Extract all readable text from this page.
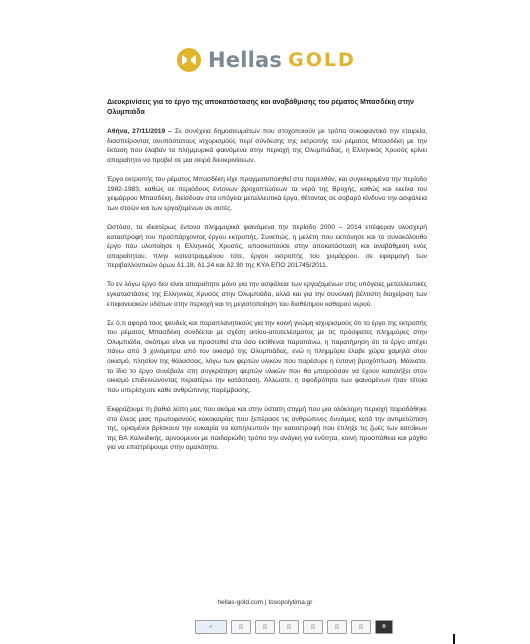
Hellas GOLD

Διευκρινίσεις για το έργο της αποκατάστασης και αναβάθμισης του ρέματος Μπασδέκη στην Ολυμπιάδα

Αθήνα, 27/11/2019 – Σε συνέχεια δημοσιευμάτων που στοχοποιούν με τρόπο συκοφαντικό την εταιρεία, διασπείροντας ανυπόστατους ισχυρισμούς περί σύνδεσης της εκτροπής του ρέματος Μπασδέκη με την έκταση που έλαβαν τα πλημμυρικά φαινόμενα στην περιοχή της Ολυμπιάδας, η Ελληνικός Χρυσός κρίνει απαραίτητο να προβεί σε μια σειρά διευκρινίσεων.

Έργο εκτροπής του ρέματος Μπασδέκη είχε πραγματοποιηθεί στο παρελθόν, και συγκεκριμένα την περίοδο 1982-1983, καθώς σε περιόδους έντονων βροχοπτώσεων τα νερά της Βροχής, καθώς και εκείνα του χειμάρρου Μπασδέκη, διείσδυαν στα υπόγεια μεταλλευτικά έργα, θέτοντας σε σοβαρό κίνδυνο την ασφάλεια των στοών και των εργαζομένων σε αυτές.

Ωστόσο, τα ιδιαιτέρως έντονα πλημμυρικά φαινόμενα την περίοδο 2000 – 2014 επέφεραν ολοσχερή καταστροφή του προϋπάρχοντος έργου εκτροπής. Συνεπώς, η μελέτη που εκπόνησε και το συνακόλουθο έργο που υλοποίησε η Ελληνικός Χρυσός, αποσκοπούσε στην αποκατάσταση και αναβάθμιση ενός απαραίτητου, πλην κατεστραμμένου τότε, έργου εκτροπής του χειμάρρου, σε εφαρμογή των περιβαλλοντικών όρων δ1.18, δ1.24 και δ2.30 της ΚΥΑ ΕΠΟ 201745/2011.

Το εν λόγω έργο δεν είναι απαραίτητο μόνο για την ασφάλεια των εργαζομένων στις υπόγειες μεταλλευτικές εγκαταστάσεις της Ελληνικός Χρυσός στην Ολυμπιάδα, αλλά και για την συνολική βέλτιστη διαχείριση των επιφανειακών υδάτων στην περιοχή και τη μεγιστοποίηση του διαθέσιμου καθαρού νερού.

Σε ό,τι αφορά τους ψευδείς και παραπλανητικούς για την κοινή γνώμη ισχυρισμούς ότι το έργο της εκτροπής του ρέματος Μπασδέκη συνδέεται με σχέση αιτίου-αποτελέσματος με τις πρόσφατες πλημμύρες στην Ολυμπιάδα, σκόπιμο είναι να προστεθεί στα όσα εκτίθεναι παραπάνω, η παρατήρηση ότι το έργο απέχει πάνω από 3 χιλιόμετρα από τον οικισμό της Ολυμπιάδας, ενώ η πλημμύρα έλαβε χώρα χαμηλά στον οικισμό, πλησίον της θάλασσας, λόγω των φερτών υλικών που παρέσυρε η έντονη βροχόπτωση. Μάλιστα, το ίδιο το έργο συνέβαλε στη συγκράτηση φερτών υλικών που θα μπορούσαν να έχουν καταλήξει στον οικισμό επιδεινώνοντας περαιτέρω την κατάσταση. Άλλωστε, η σφοδρότητα των φαινομένων ήταν τέτοια που υπερίσχυσε κάθε ανθρώπινης παρέμβασης.

Εκφράζουμε τη βαθιά λύπη μας που ακόμα και στην ύστατη στιγμή που μια ολόκληρη περιοχή παραδόθηκε στο έλεος μιας πρωτοφανούς κακοκαιρίας που ξεπέρασε τις ανθρώπινες δυνάμεις κατά την αντιμετώπιση της, ορισμένοι βρίσκουν την ευκαιρία να καπηλευτούν την καταστροφή που έπληξε τις ζωές των κατοίκων της ΒΑ Χαλκιδικής, αρνούμενοι με παιδαριώδη τρόπο την ανάγκη για ενότητα, κοινή προσπάθεια και μόχθο για να επιστρέψουμε στην ομαλότητα.

hellas-gold.com | tosopolytima.gr
✓	◫	◫	◫	◫	◫	◫	®
